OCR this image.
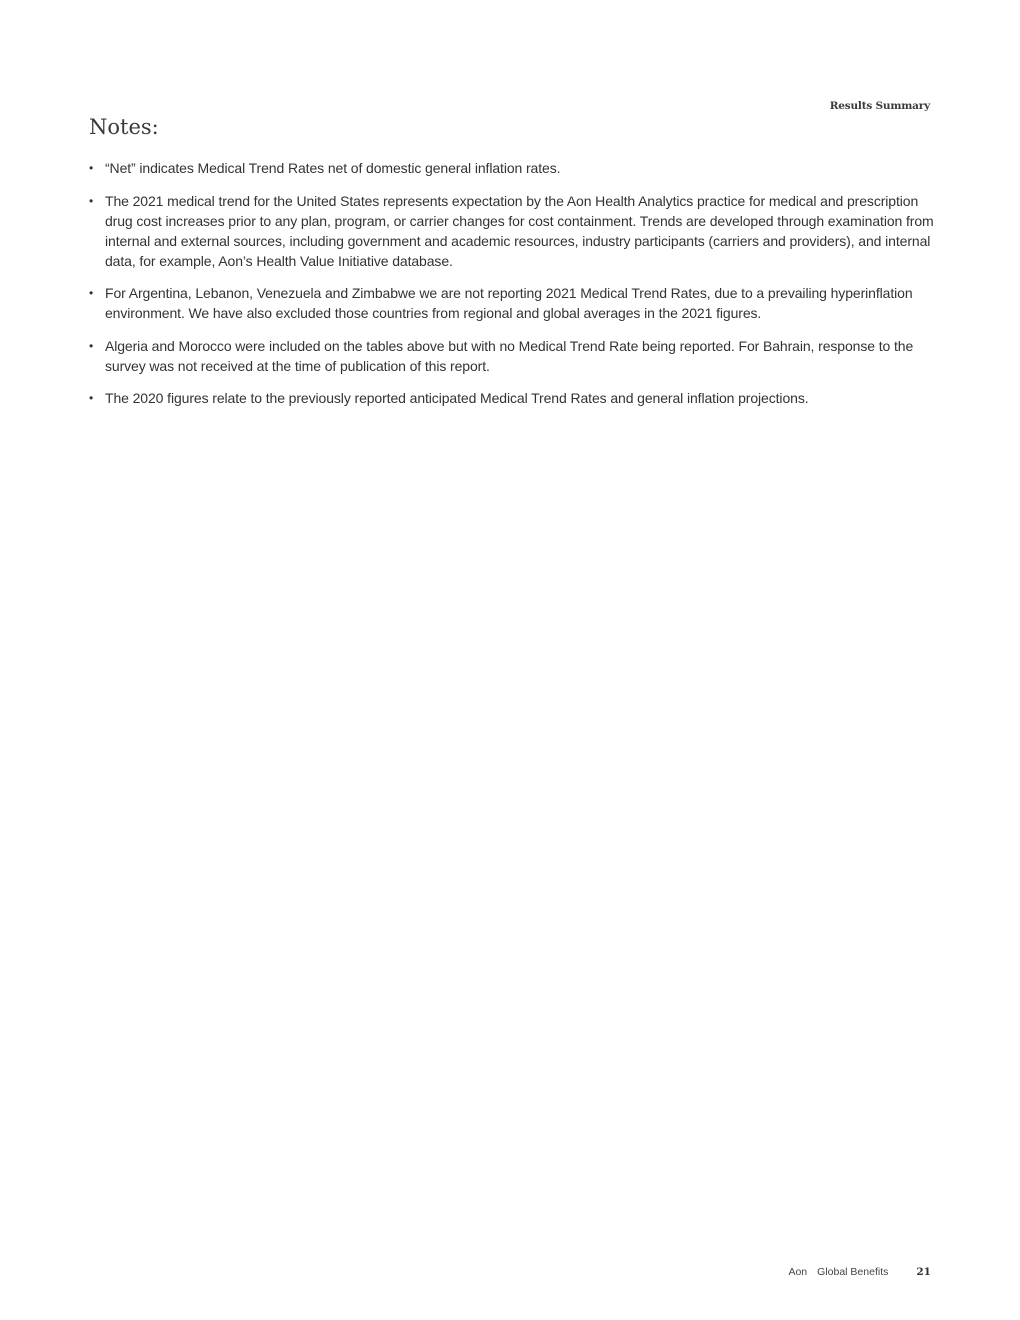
Results Summary
Notes:
• “Net” indicates Medical Trend Rates net of domestic general inflation rates.
• The 2021 medical trend for the United States represents expectation by the Aon Health Analytics practice for medical and prescription drug cost increases prior to any plan, program, or carrier changes for cost containment. Trends are developed through examination from internal and external sources, including government and academic resources, industry participants (carriers and providers), and internal data, for example, Aon’s Health Value Initiative database.
• For Argentina, Lebanon, Venezuela and Zimbabwe we are not reporting 2021 Medical Trend Rates, due to a prevailing hyperinflation environment. We have also excluded those countries from regional and global averages in the 2021 figures.
• Algeria and Morocco were included on the tables above but with no Medical Trend Rate being reported. For Bahrain, response to the survey was not received at the time of publication of this report.
• The 2020 figures relate to the previously reported anticipated Medical Trend Rates and general inflation projections.
Aon Global Benefits	21
